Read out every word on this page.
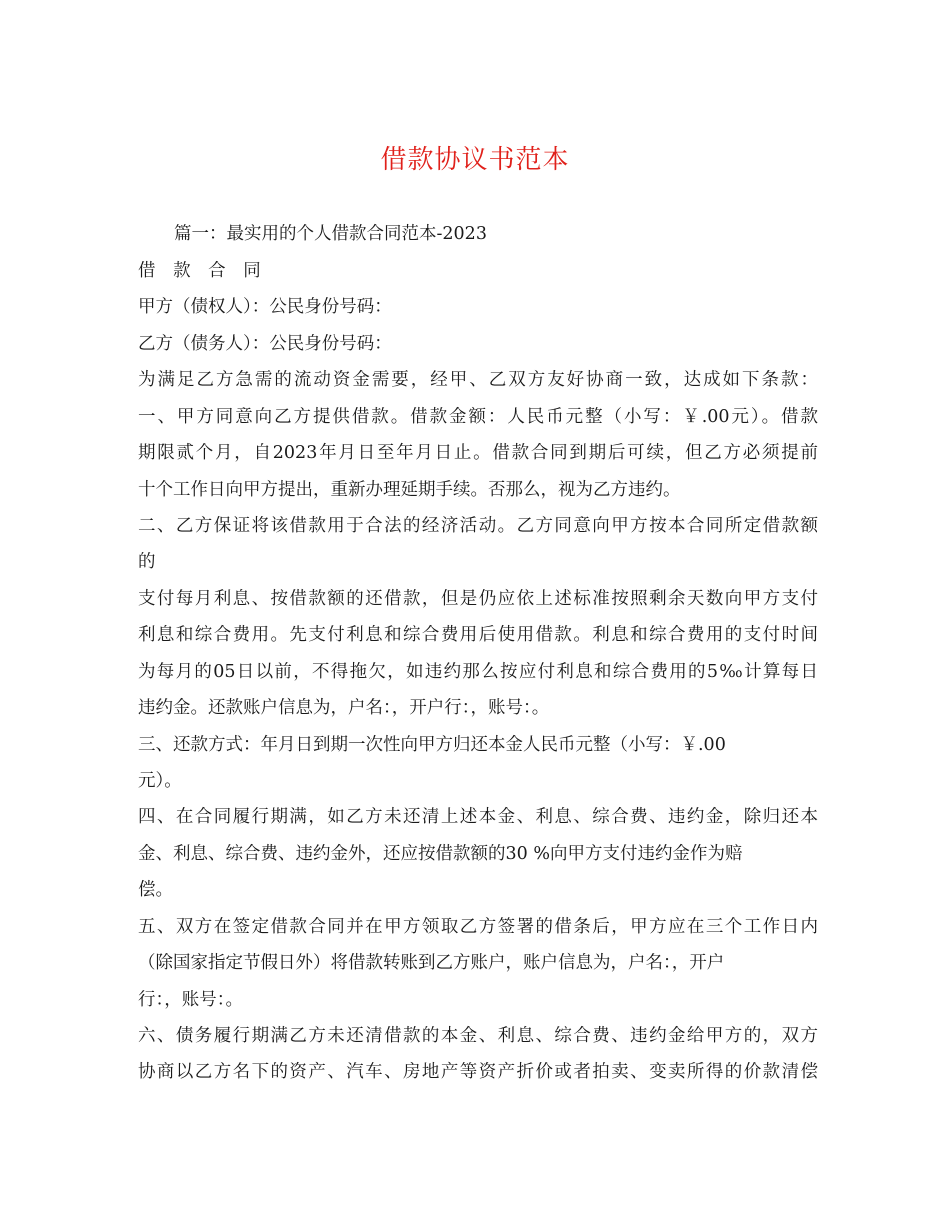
借款协议书范本
篇一：最实用的个人借款合同范本-2023
借 款 合 同
甲方（债权人）：公民身份号码：
乙方（债务人）：公民身份号码：
为满足乙方急需的流动资金需要，经甲、乙双方友好协商一致，达成如下条款：
一、甲方同意向乙方提供借款。借款金额：人民币元整（小写：￥.00元）。借款
期限贰个月，自2023年月日至年月日止。借款合同到期后可续，但乙方必须提前
十个工作日向甲方提出，重新办理延期手续。否那么，视为乙方违约。
二、乙方保证将该借款用于合法的经济活动。乙方同意向甲方按本合同所定借款额
的
支付每月利息、按借款额的还借款，但是仍应依上述标准按照剩余天数向甲方支付
利息和综合费用。先支付利息和综合费用后使用借款。利息和综合费用的支付时间
为每月的05日以前，不得拖欠，如违约那么按应付利息和综合费用的5‰计算每日
违约金。还款账户信息为，户名：，开户行：，账号：。
三、还款方式：年月日到期一次性向甲方归还本金人民币元整（小写：￥.00
元）。
四、在合同履行期满，如乙方未还清上述本金、利息、综合费、违约金，除归还本
金、利息、综合费、违约金外，还应按借款额的30 %向甲方支付违约金作为赔
偿。
五、双方在签定借款合同并在甲方领取乙方签署的借条后，甲方应在三个工作日内
（除国家指定节假日外）将借款转账到乙方账户，账户信息为，户名：，开户
行：，账号：。
六、债务履行期满乙方未还清借款的本金、利息、综合费、违约金给甲方的，双方
协商以乙方名下的资产、汽车、房地产等资产折价或者拍卖、变卖所得的价款清偿
